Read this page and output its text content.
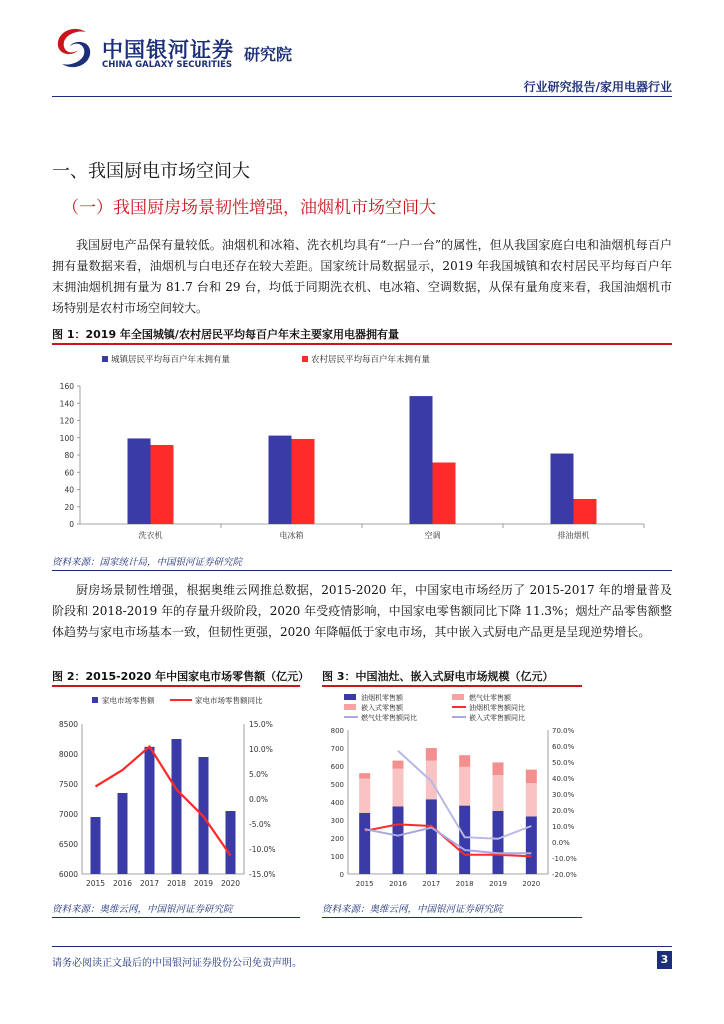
中国银河证券
CHINA GALAXY SECURITIES
研究院
行业研究报告/家用电器行业
一、我国厨电市场空间大
（一）我国厨房场景韧性增强，油烟机市场空间大
我国厨电产品保有量较低。油烟机和冰箱、洗衣机均具有“一户一台”的属性，但从我国家庭白电和油烟机每百户拥有量数据来看，油烟机与白电还存在较大差距。国家统计局数据显示，2019 年我国城镇和农村居民平均每百户年末拥油烟机拥有量为 81.7 台和 29 台，均低于同期洗衣机、电冰箱、空调数据，从保有量角度来看，我国油烟机市场特别是农村市场空间较大。
图 1：2019 年全国城镇/农村居民平均每百户年末主要家用电器拥有量
城镇居民平均每百户年末拥有量	农村居民平均每百户年末拥有量
0
20
40
60
80
100
120
140
160
洗衣机	电冰箱	空调	排油烟机
资料来源：国家统计局，中国银河证券研究院
厨房场景韧性增强，根据奥维云网推总数据，2015-2020 年，中国家电市场经历了 2015-2017 年的增量普及阶段和 2018-2019 年的存量升级阶段，2020 年受疫情影响，中国家电零售额同比下降 11.3%；烟灶产品零售额整体趋势与家电市场基本一致，但韧性更强，2020 年降幅低于家电市场，其中嵌入式厨电产品更是呈现逆势增长。
图 2：2015-2020 年中国家电市场零售额（亿元）
家电市场零售额	家电市场零售额同比
6000
6500
7000
7500
8000
8500
-15.0%
-10.0%
-5.0%
0.0%
5.0%
10.0%
15.0%
2015 2016 2017 2018 2019 2020
资料来源：奥维云网，中国银河证券研究院
图 3：中国油灶、嵌入式厨电市场规模（亿元）
油烟机零售额	燃气灶零售额
嵌入式零售额	油烟机零售额同比
燃气灶零售额同比	嵌入式零售额同比
0
100
200
300
400
500
600
700
800
-20.0%
-10.0%
0.0%
10.0%
20.0%
30.0%
40.0%
50.0%
60.0%
70.0%
2015 2016 2017 2018 2019 2020
资料来源：奥维云网，中国银河证券研究院
请务必阅读正文最后的中国银河证券股份公司免责声明。	3
